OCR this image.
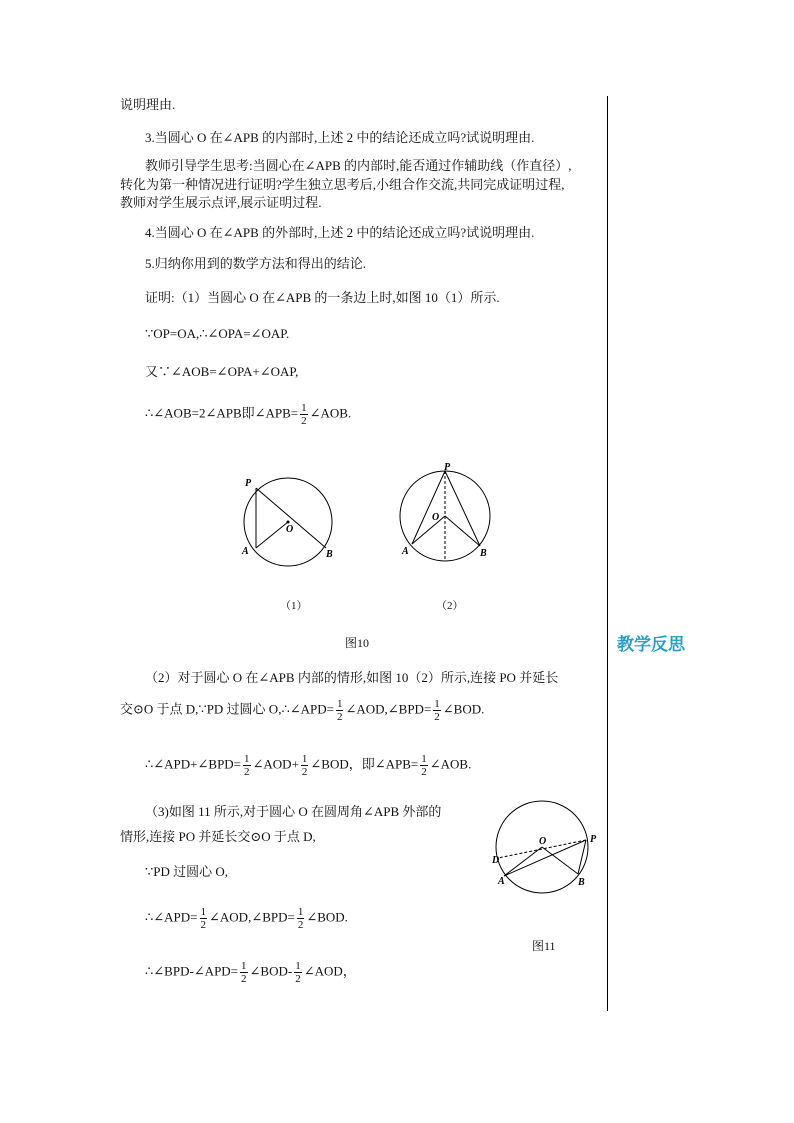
教学反思
说明理由.
3.当圆心 O 在∠APB 的内部时,上述 2 中的结论还成立吗?试说明理由.
教师引导学生思考:当圆心在∠APB 的内部时,能否通过作辅助线（作直径）,
转化为第一种情况进行证明?学生独立思考后,小组合作交流,共同完成证明过程,
教师对学生展示点评,展示证明过程.
4.当圆心 O 在∠APB 的外部时,上述 2 中的结论还成立吗?试说明理由.
5.归纳你用到的数学方法和得出的结论.
证明:（1）当圆心 O 在∠APB 的一条边上时,如图 10（1）所示.
∵OP=OA,∴∠OPA=∠OAP.
又∵∠AOB=∠OPA+∠OAP,
∴∠AOB=2∠APB即∠APB= $\frac{1}{2}$ ∠AOB.
P
A	B
O
P
O
A	B
（1）	（2）
图10
（2）对于圆心 O 在∠APB 内部的情形,如图 10（2）所示,连接 PO 并延长
交⊙O 于点 D,∵PD 过圆心 O,∴∠APD= $\frac{1}{2}$ ∠AOD,∠BPD= $\frac{1}{2}$ ∠BOD.
∴∠APD+∠BPD= $\frac{1}{2}$ ∠AOD+ $\frac{1}{2}$ ∠BOD，即∠APB= $\frac{1}{2}$ ∠AOB.
（3)如图 11 所示,对于圆心 O 在圆周角∠APB 外部的
情形,连接 PO 并延长交⊙O 于点 D,
∵PD 过圆心 O,
∴∠APD= $\frac{1}{2}$ ∠AOD,∠BPD= $\frac{1}{2}$ ∠BOD.
∴∠BPD-∠APD= $\frac{1}{2}$ ∠BOD- $\frac{1}{2}$ ∠AOD，
O	P
D
A	B
图11
